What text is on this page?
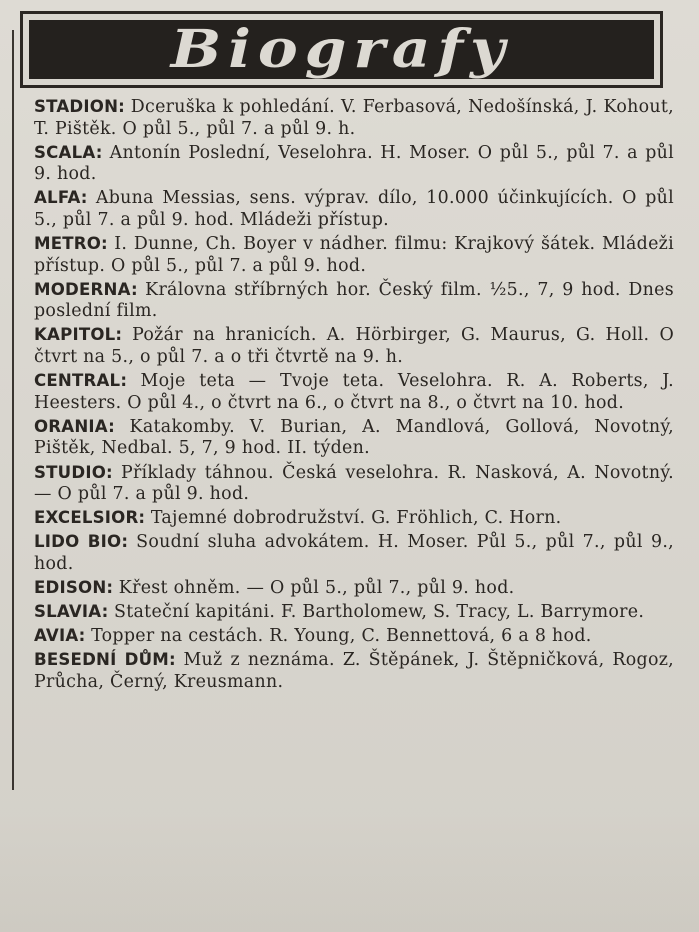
Biografy

STADION: Dceruška k pohledání. V. Ferbasová, Nedošínská, J. Kohout, T. Pištěk. O půl 5., půl 7. a půl 9. h.

SCALA: Antonín Poslední, Veselohra. H. Moser. O půl 5., půl 7. a půl 9. hod.

ALFA: Abuna Messias, sens. výprav. dílo, 10.000 účinkujících. O půl 5., půl 7. a půl 9. hod. Mládeži přístup.

METRO: I. Dunne, Ch. Boyer v nádher. filmu: Krajkový šátek. Mládeži přístup. O půl 5., půl 7. a půl 9. hod.

MODERNA: Královna stříbrných hor. Český film. ½5., 7, 9 hod. Dnes poslední film.

KAPITOL: Požár na hranicích. A. Hörbirger, G. Maurus, G. Holl. O čtvrt na 5., o půl 7. a o tři čtvrtě na 9. h.

CENTRAL: Moje teta — Tvoje teta. Veselohra. R. A. Roberts, J. Heesters. O půl 4., o čtvrt na 6., o čtvrt na 8., o čtvrt na 10. hod.

ORANIA: Katakomby. V. Burian, A. Mandlová, Gollová, Novotný, Pištěk, Nedbal. 5, 7, 9 hod. II. týden.

STUDIO: Příklady táhnou. Česká veselohra. R. Nasková, A. Novotný. — O půl 7. a půl 9. hod.

EXCELSIOR: Tajemné dobrodružství. G. Fröhlich, C. Horn.

LIDO BIO: Soudní sluha advokátem. H. Moser. Půl 5., půl 7., půl 9., hod.

EDISON: Křest ohněm. — O půl 5., půl 7., půl 9. hod.

SLAVIA: Stateční kapitáni. F. Bartholomew, S. Tracy, L. Barrymore.

AVIA: Topper na cestách. R. Young, C. Bennettová, 6 a 8 hod.

BESEDNÍ DŮM: Muž z neznáma. Z. Štěpánek, J. Štěpničková, Rogoz, Průcha, Černý, Kreusmann.
